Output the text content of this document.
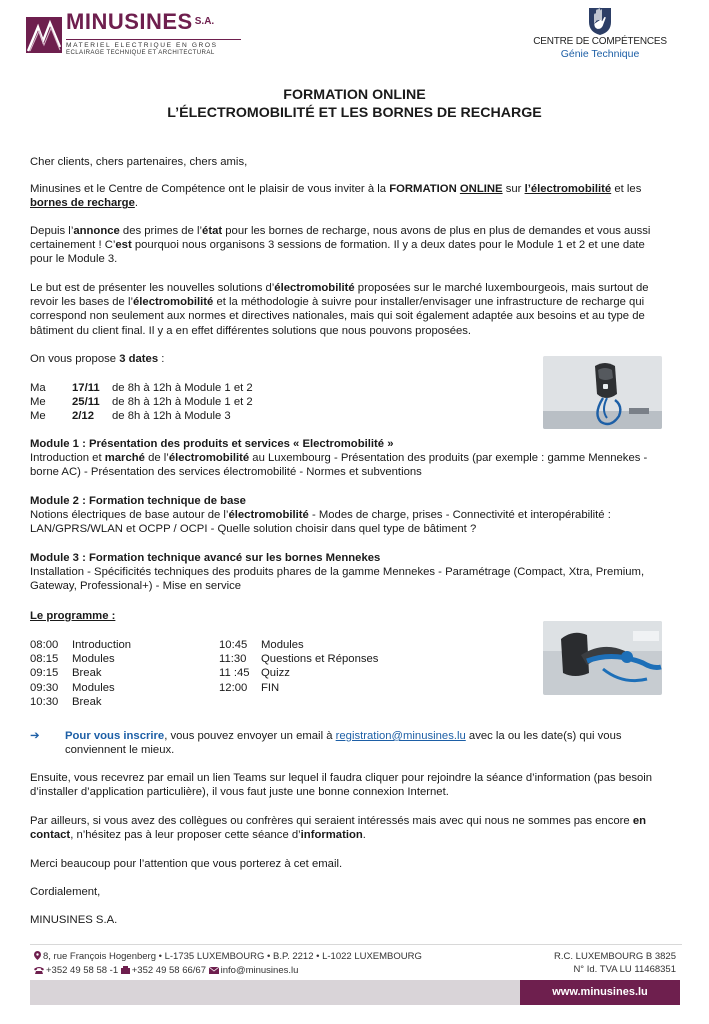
MINUSINES $^{S.A.}$
MATERIEL ELECTRIQUE EN GROS
ECLAIRAGE TECHNIQUE ET ARCHITECTURAL
CENTRE DE COMPÉTENCES
Génie Technique
FORMATION ONLINE
L’ÉLECTROMOBILITÉ ET LES BORNES DE RECHARGE
Cher clients, chers partenaires, chers amis,
Minusines et le Centre de Compétence ont le plaisir de vous inviter à la FORMATION ONLINE sur l’électromobilité et les bornes de recharge.
Depuis l’annonce des primes de l’état pour les bornes de recharge, nous avons de plus en plus de demandes et vous aussi certainement ! C’est pourquoi nous organisons 3 sessions de formation. Il y a deux dates pour le Module 1 et 2 et une date pour le Module 3.
Le but est de présenter les nouvelles solutions d’électromobilité proposées sur le marché luxembourgeois, mais surtout de revoir les bases de l’électromobilité et la méthodologie à suivre pour installer/envisager une infrastructure de recharge qui correspond non seulement aux normes et directives nationales, mais qui soit également adaptée aux besoins et au type de bâtiment du client final. Il y a en effet différentes solutions que nous pouvons proposées.
On vous propose 3 dates :
Ma 17/11 de 8h à 12h à Module 1 et 2
Me 25/11 de 8h à 12h à Module 1 et 2
Me 2/12 de 8h à 12h à Module 3
Module 1 : Présentation des produits et services « Electromobilité »
Introduction et marché de l’électromobilité au Luxembourg - Présentation des produits (par exemple : gamme Mennekes - borne AC) - Présentation des services électromobilité - Normes et subventions
Module 2 : Formation technique de base
Notions électriques de base autour de l’électromobilité - Modes de charge, prises - Connectivité et interopérabilité : LAN/GPRS/WLAN et OCPP / OCPI - Quelle solution choisir dans quel type de bâtiment ?
Module 3 : Formation technique avancé sur les bornes Mennekes
Installation - Spécificités techniques des produits phares de la gamme Mennekes - Paramétrage (Compact, Xtra, Premium, Gateway, Professional+) - Mise en service
Le programme :
08:00 Introduction
08:15 Modules
09:15 Break
09:30 Modules
10:30 Break
10:45 Modules
11:30 Questions et Réponses
11 :45 Quizz
12:00 FIN
➔ Pour vous inscrire, vous pouvez envoyer un email à registration@minusines.lu avec la ou les date(s) qui vous
conviennent le mieux.
Ensuite, vous recevrez par email un lien Teams sur lequel il faudra cliquer pour rejoindre la séance d’information (pas besoin d’installer d’application particulière), il vous faut juste une bonne connexion Internet.
Par ailleurs, si vous avez des collègues ou confrères qui seraient intéressés mais avec qui nous ne sommes pas encore en contact, n’hésitez pas à leur proposer cette séance d’information.
Merci beaucoup pour l’attention que vous porterez à cet email.
Cordialement,
MINUSINES S.A.
8, rue François Hogenberg • L-1735 LUXEMBOURG • B.P. 2212 • L-1022 LUXEMBOURG
+352 49 58 58 -1 +352 49 58 66/67 info@minusines.lu
R.C. LUXEMBOURG B 3825
N° Id. TVA LU 11468351
www.minusines.lu
